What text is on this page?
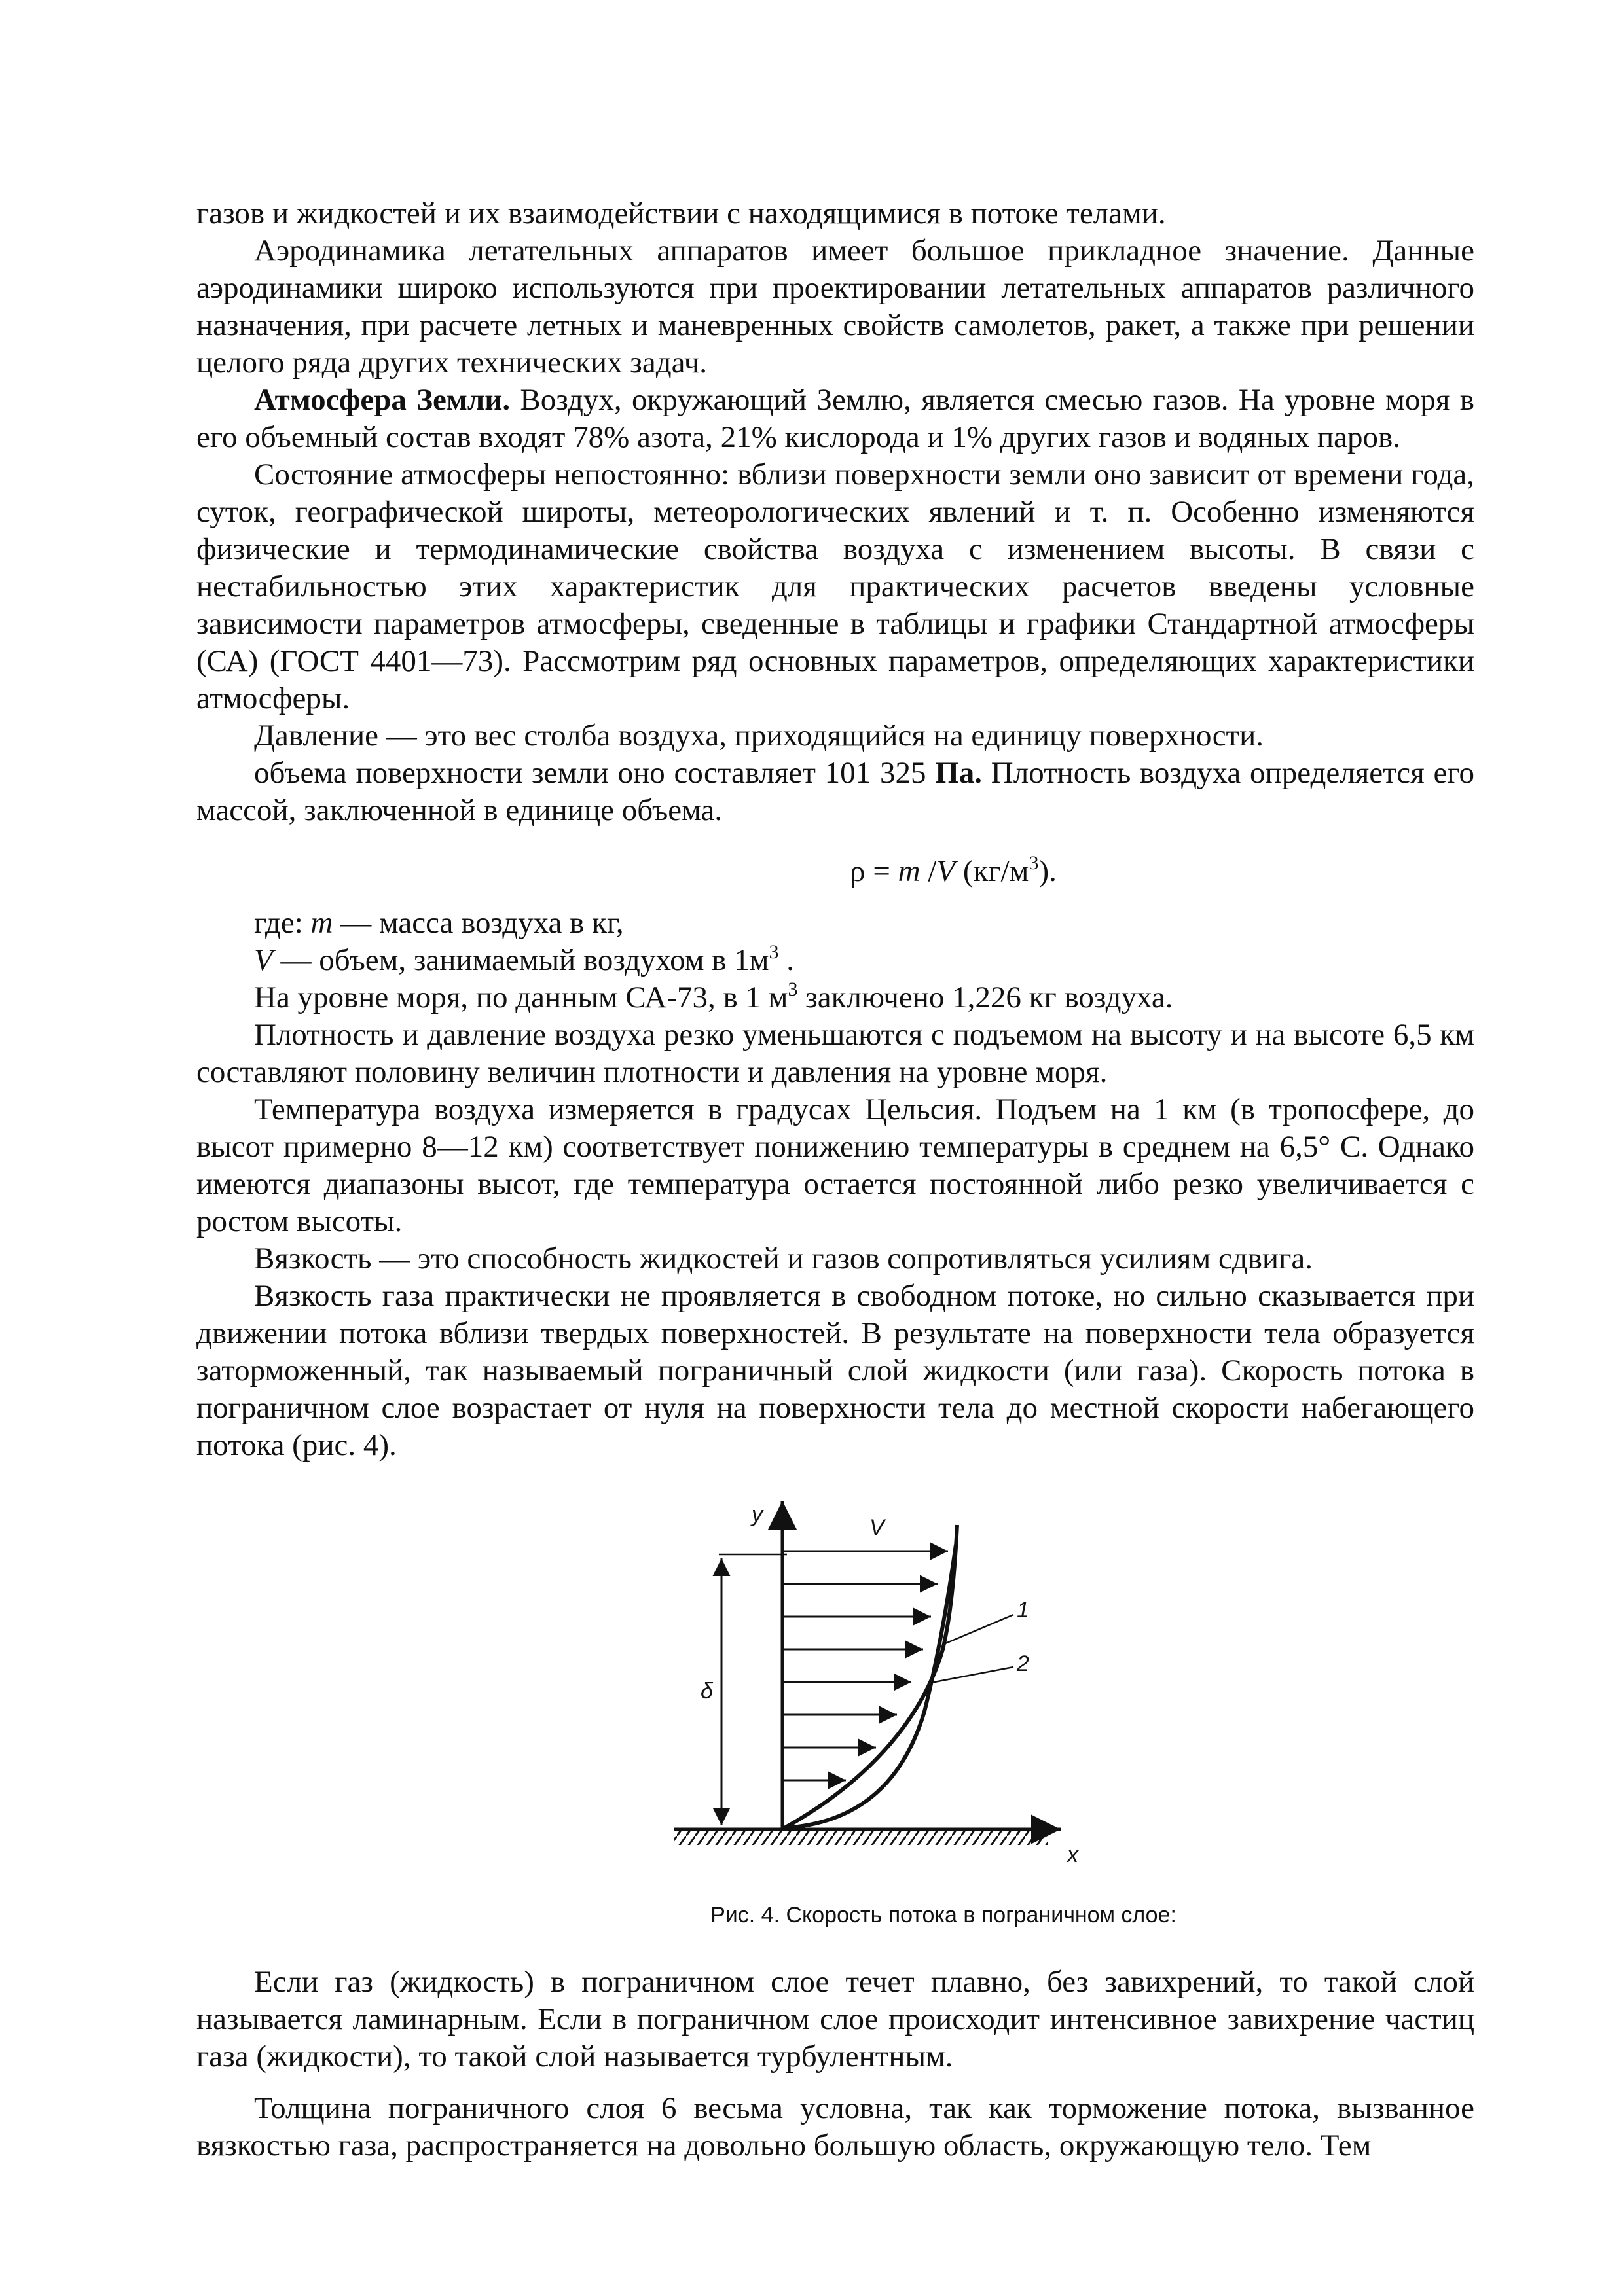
газов и жидкостей и их взаимодействии с находящимися в потоке телами.

Аэродинамика летательных аппаратов имеет большое прикладное значение. Данные аэродинамики широко используются при проектировании летательных аппаратов различного назначения, при расчете летных и маневренных свойств самолетов, ракет, а также при решении целого ряда других технических задач.

Атмосфера Земли. Воздух, окружающий Землю, является смесью газов. На уровне моря в его объемный состав входят 78% азота, 21% кислорода и 1% других газов и водяных паров.

Состояние атмосферы непостоянно: вблизи поверхности земли оно зависит от времени года, суток, географической широты, метеорологических явлений и т. п. Особенно изменяются физические и термодинамические свойства воздуха с изменением высоты. В связи с нестабильностью этих характеристик для практических расчетов введены условные зависимости параметров атмосферы, сведенные в таблицы и графики Стандартной атмосферы (СА) (ГОСТ 4401—73). Рассмотрим ряд основных параметров, определяющих характеристики атмосферы.

Давление — это вес столба воздуха, приходящийся на единицу поверхности.

объема поверхности земли оно составляет 101 325 Па. Плотность воздуха определяется его массой, заключенной в единице объема.

ρ = m /V $(кг/м^3)$.

где: m — масса воздуха в кг,

V — объем, занимаемый воздухом в $1м^3$ .

На уровне моря, по данным СА-73, в 1 $м^3$ заключено 1,226 кг воздуха.

Плотность и давление воздуха резко уменьшаются с подъемом на высоту и на высоте 6,5 км составляют половину величин плотности и давления на уровне моря.

Температура воздуха измеряется в градусах Цельсия. Подъем на 1 км (в тропосфере, до высот примерно 8—12 км) соответствует понижению температуры в среднем на 6,5° С. Однако имеются диапазоны высот, где температура остается постоянной либо резко увеличивается с ростом высоты.

Вязкость — это способность жидкостей и газов сопротивляться усилиям сдвига.

Вязкость газа практически не проявляется в свободном потоке, но сильно сказывается при движении потока вблизи твердых поверхностей. В результате на поверхности тела образуется заторможенный, так называемый пограничный слой жидкости (или газа). Скорость потока в пограничном слое возрастает от нуля на поверхности тела до местной скорости набегающего потока (рис. 4).

y
V
δ
1
2
x
Рис. 4. Скорость потока в пограничном слое:

Если газ (жидкость) в пограничном слое течет плавно, без завихрений, то такой слой называется ламинарным. Если в пограничном слое происходит интенсивное завихрение частиц газа (жидкости), то такой слой называется турбулентным.

Толщина пограничного слоя 6 весьма условна, так как торможение потока, вызванное вязкостью газа, распространяется на довольно большую область, окружающую тело. Тем
